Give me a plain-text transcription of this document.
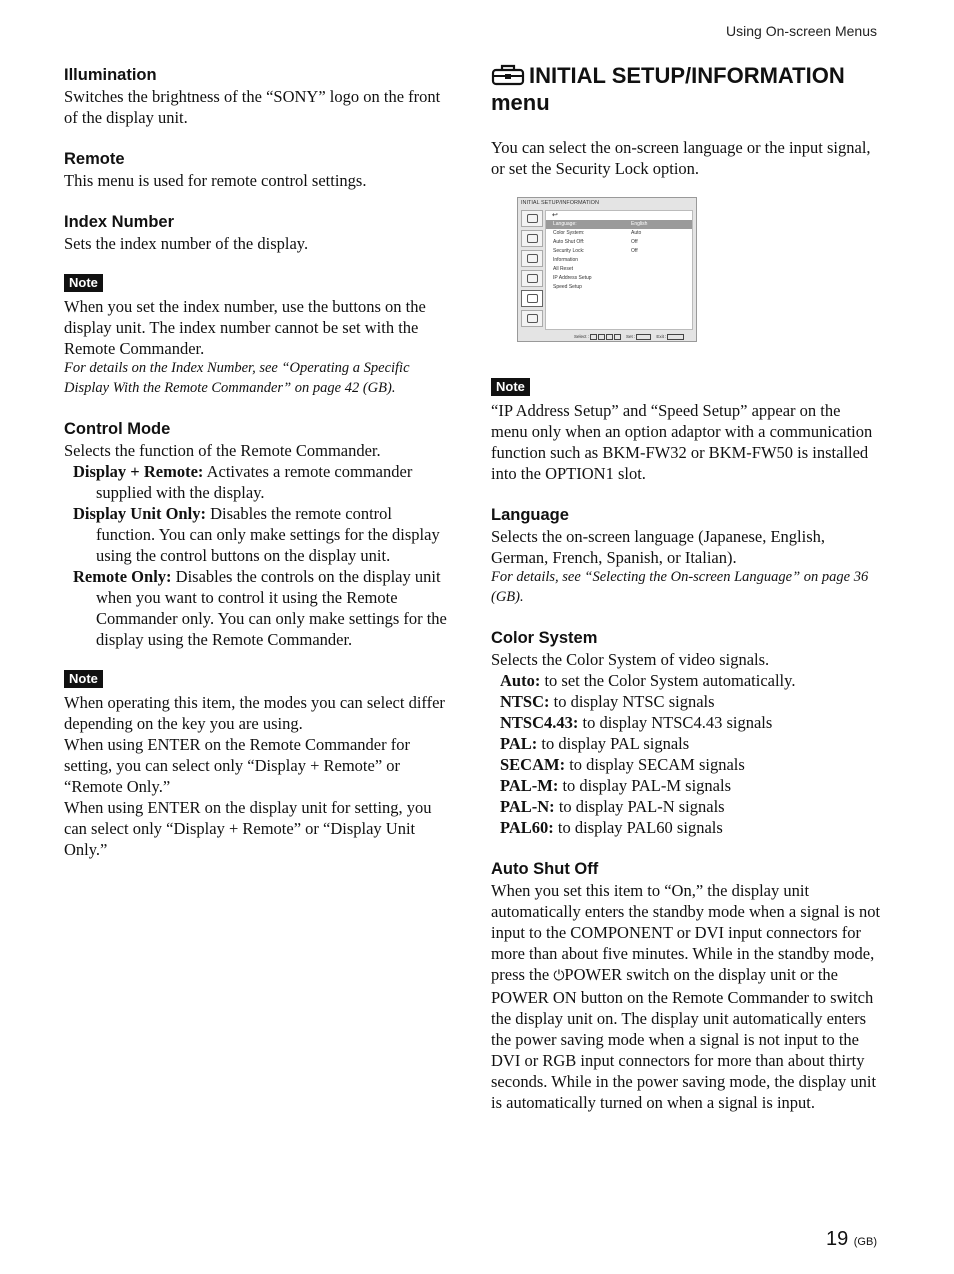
Using On-screen Menus
Illumination

Switches the brightness of the “SONY” logo on the front of the display unit.

Remote

This menu is used for remote control settings.

Index Number

Sets the index number of the display.

Note

When you set the index number, use the buttons on the display unit. The index number cannot be set with the Remote Commander.

For details on the Index Number, see “Operating a Specific Display With the Remote Commander” on page 42 (GB).

Control Mode

Selects the function of the Remote Commander.

Display + Remote: Activates a remote commander supplied with the display.
Display Unit Only: Disables the remote control function. You can only make settings for the display using the control buttons on the display unit.
Remote Only: Disables the controls on the display unit when you want to control it using the Remote Commander only. You can only make settings for the display using the Remote Commander.
Note

When operating this item, the modes you can select differ depending on the key you are using.

When using ENTER on the Remote Commander for setting, you can select only “Display + Remote” or “Remote Only.”

When using ENTER on the display unit for setting, you can select only “Display + Remote” or “Display Unit Only.”

INITIAL SETUP/INFORMATION menu

You can select the on-screen language or the input signal, or set the Security Lock option.

INITIAL SETUP/INFORMATION
↩
Language:	English
Color System:	Auto
Auto Shut Off:	Off
Security Lock:	Off
Information
All Reset
IP Address Setup
Speed Setup
Select :	Set :	Exit :
Note

“IP Address Setup” and “Speed Setup” appear on the menu only when an option adaptor with a communication function such as BKM-FW32 or BKM-FW50 is installed into the OPTION1 slot.

Language

Selects the on-screen language (Japanese, English, German, French, Spanish, or Italian).

For details, see “Selecting the On-screen Language” on page 36 (GB).

Color System

Selects the Color System of video signals.

Auto: to set the Color System automatically.
NTSC: to display NTSC signals
NTSC4.43: to display NTSC4.43 signals
PAL: to display PAL signals
SECAM: to display SECAM signals
PAL-M: to display PAL-M signals
PAL-N: to display PAL-N signals
PAL60: to display PAL60 signals
Auto Shut Off

When you set this item to “On,” the display unit automatically enters the standby mode when a signal is not input to the COMPONENT or DVI input connectors for more than about five minutes. While in the standby mode, press the ⏻POWER switch on the display unit or the POWER ON button on the Remote Commander to switch the display unit on. The display unit automatically enters the power saving mode when a signal is not input to the DVI or RGB input connectors for more than about thirty seconds. While in the power saving mode, the display unit is automatically turned on when a signal is input.

19 (GB)
